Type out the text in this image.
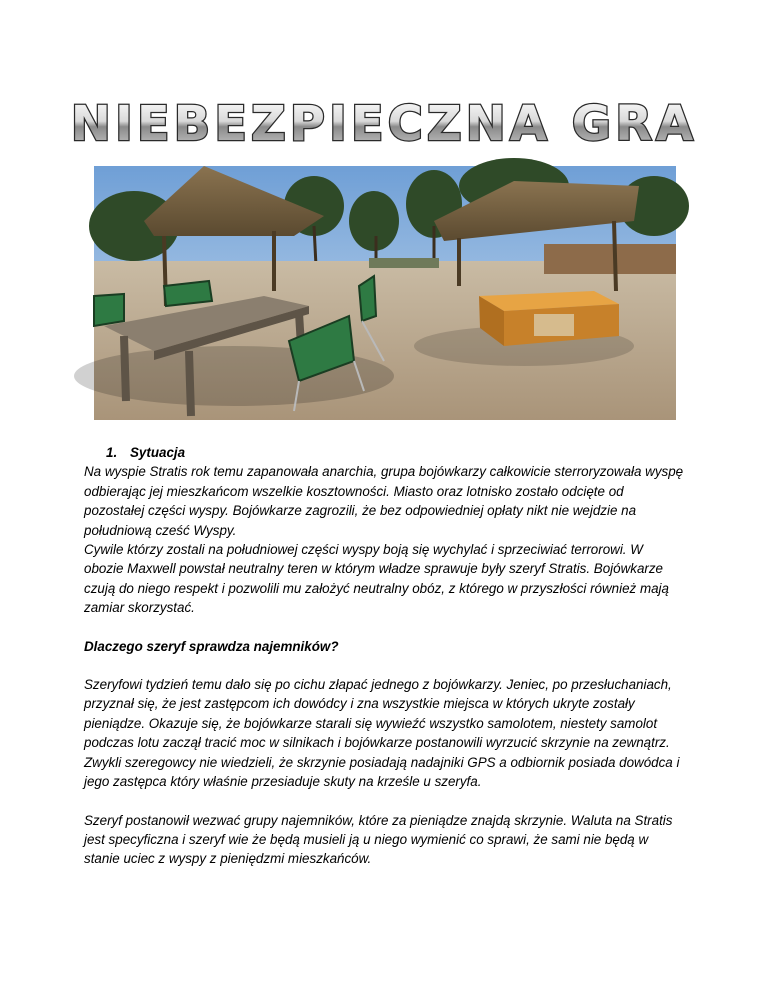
NIEBEZPIECZNA GRA

1. Sytuacja

Na wyspie Stratis rok temu zapanowała anarchia, grupa bojówkarzy całkowicie sterroryzowała wyspę odbierając jej mieszkańcom wszelkie kosztowności. Miasto oraz lotnisko zostało odcięte od pozostałej części wyspy. Bojówkarze zagrozili, że bez odpowiedniej opłaty nikt nie wejdzie na południową cześć Wyspy.

Cywile którzy zostali na południowej części wyspy boją się wychylać i sprzeciwiać terrorowi. W obozie Maxwell powstał neutralny teren w którym władze sprawuje były szeryf Stratis. Bojówkarze czują do niego respekt i pozwolili mu założyć neutralny obóz, z którego w przyszłości również mają zamiar skorzystać.

Dlaczego szeryf sprawdza najemników?

Szeryfowi tydzień temu dało się po cichu złapać jednego z bojówkarzy. Jeniec, po przesłuchaniach, przyznał się, że jest zastępcom ich dowódcy i zna wszystkie miejsca w których ukryte zostały pieniądze. Okazuje się, że bojówkarze starali się wywieźć wszystko samolotem, niestety samolot podczas lotu zaczął tracić moc w silnikach i bojówkarze postanowili wyrzucić skrzynie na zewnątrz.

Zwykli szeregowcy nie wiedzieli, że skrzynie posiadają nadajniki GPS a odbiornik posiada dowódca i jego zastępca który właśnie przesiaduje skuty na krześle u szeryfa.

Szeryf postanowił wezwać grupy najemników, które za pieniądze znajdą skrzynie. Waluta na Stratis jest specyficzna i szeryf wie że będą musieli ją u niego wymienić co sprawi, że sami nie będą w stanie uciec z wyspy z pieniędzmi mieszkańców.
